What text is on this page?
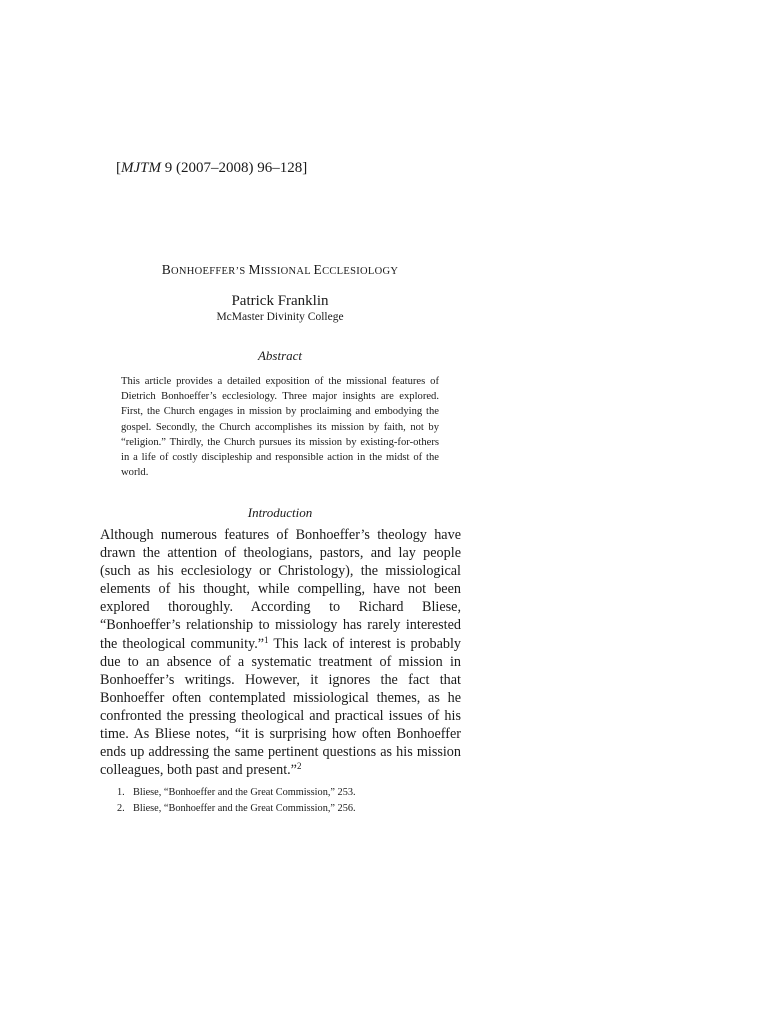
[MJTM 9 (2007–2008) 96–128]
BONHOEFFER’S MISSIONAL ECCLESIOLOGY
Patrick Franklin
McMaster Divinity College
Abstract
This article provides a detailed exposition of the missional features of Dietrich Bonhoeffer’s ecclesiology. Three major insights are explored. First, the Church engages in mission by proclaiming and embodying the gospel. Secondly, the Church accomplishes its mission by faith, not by “religion.” Thirdly, the Church pursues its mission by existing-for-others in a life of costly discipleship and responsible action in the midst of the world.
Introduction
Although numerous features of Bonhoeffer’s theology have drawn the attention of theologians, pastors, and lay people (such as his ecclesiology or Christology), the missiological elements of his thought, while compelling, have not been explored thoroughly. According to Richard Bliese, “Bonhoeffer’s relationship to missiology has rarely interested the theological community.”$^1$ This lack of interest is probably due to an absence of a systematic treatment of mission in Bonhoeffer’s writings. However, it ignores the fact that Bonhoeffer often contemplated missiological themes, as he confronted the pressing theological and practical issues of his time. As Bliese notes, “it is surprising how often Bonhoeffer ends up addressing the same pertinent questions as his mission colleagues, both past and present.”$^2$
1. Bliese, “Bonhoeffer and the Great Commission,” 253.
2. Bliese, “Bonhoeffer and the Great Commission,” 256.
